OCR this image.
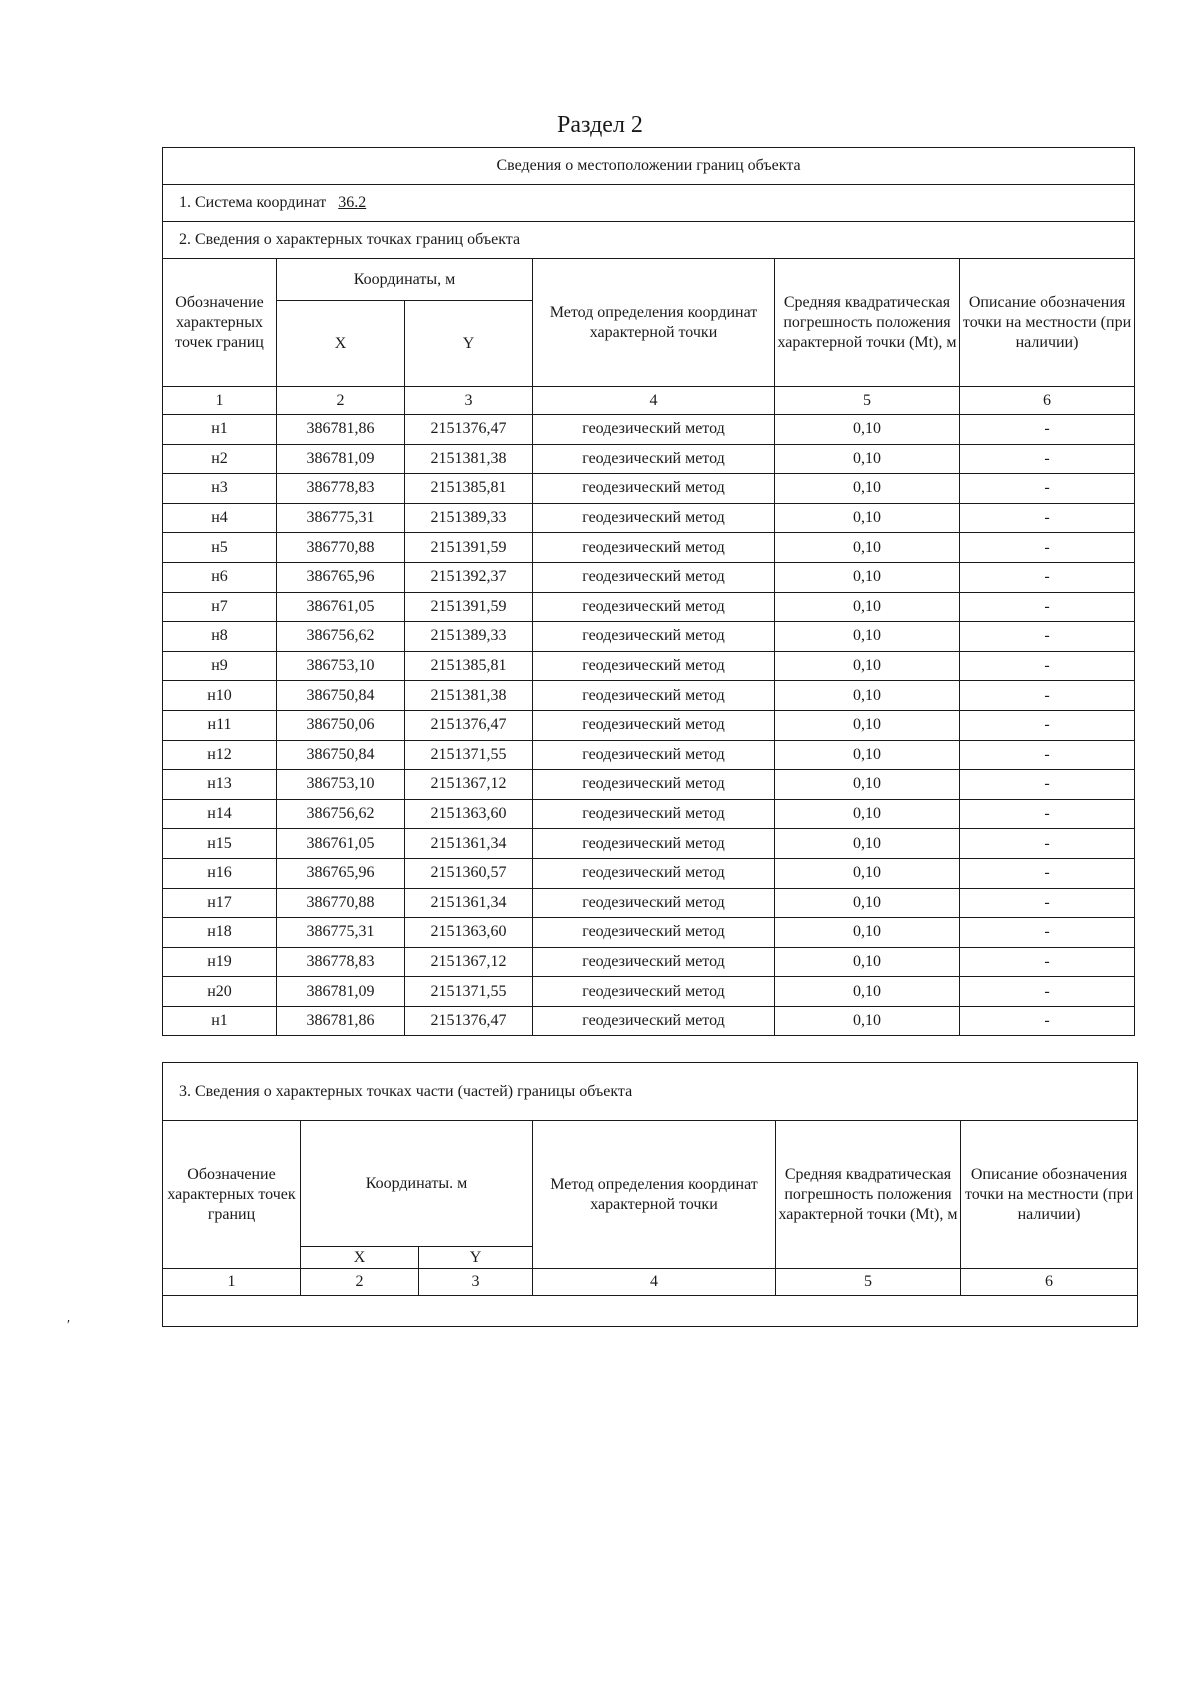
Раздел 2
Сведения о местоположении границ объекта					
1. Система координат 36.2					
2. Сведения о характерных точках границ объекта					
Обозначение характерных точек границ	Координаты, м		Метод определения координат характерной точки	Средняя квадратическая погрешность положения характерной точки (Mt), м	Описание обозначения точки на местности (при наличии)
	X	Y			
1	2	3	4	5	6
н1	386781,86	2151376,47	геодезический метод	0,10	-
н2	386781,09	2151381,38	геодезический метод	0,10	-
н3	386778,83	2151385,81	геодезический метод	0,10	-
н4	386775,31	2151389,33	геодезический метод	0,10	-
н5	386770,88	2151391,59	геодезический метод	0,10	-
н6	386765,96	2151392,37	геодезический метод	0,10	-
н7	386761,05	2151391,59	геодезический метод	0,10	-
н8	386756,62	2151389,33	геодезический метод	0,10	-
н9	386753,10	2151385,81	геодезический метод	0,10	-
н10	386750,84	2151381,38	геодезический метод	0,10	-
н11	386750,06	2151376,47	геодезический метод	0,10	-
н12	386750,84	2151371,55	геодезический метод	0,10	-
н13	386753,10	2151367,12	геодезический метод	0,10	-
н14	386756,62	2151363,60	геодезический метод	0,10	-
н15	386761,05	2151361,34	геодезический метод	0,10	-
н16	386765,96	2151360,57	геодезический метод	0,10	-
н17	386770,88	2151361,34	геодезический метод	0,10	-
н18	386775,31	2151363,60	геодезический метод	0,10	-
н19	386778,83	2151367,12	геодезический метод	0,10	-
н20	386781,09	2151371,55	геодезический метод	0,10	-
н1	386781,86	2151376,47	геодезический метод	0,10	-
3. Сведения о характерных точках части (частей) границы объекта					
Обозначение характерных точек границ	Координаты. м		Метод определения координат характерной точки	Средняя квадратическая погрешность положения характерной точки (Mt), м	Описание обозначения точки на местности (при наличии)
	X	Y			
1	2	3	4	5	6

′
